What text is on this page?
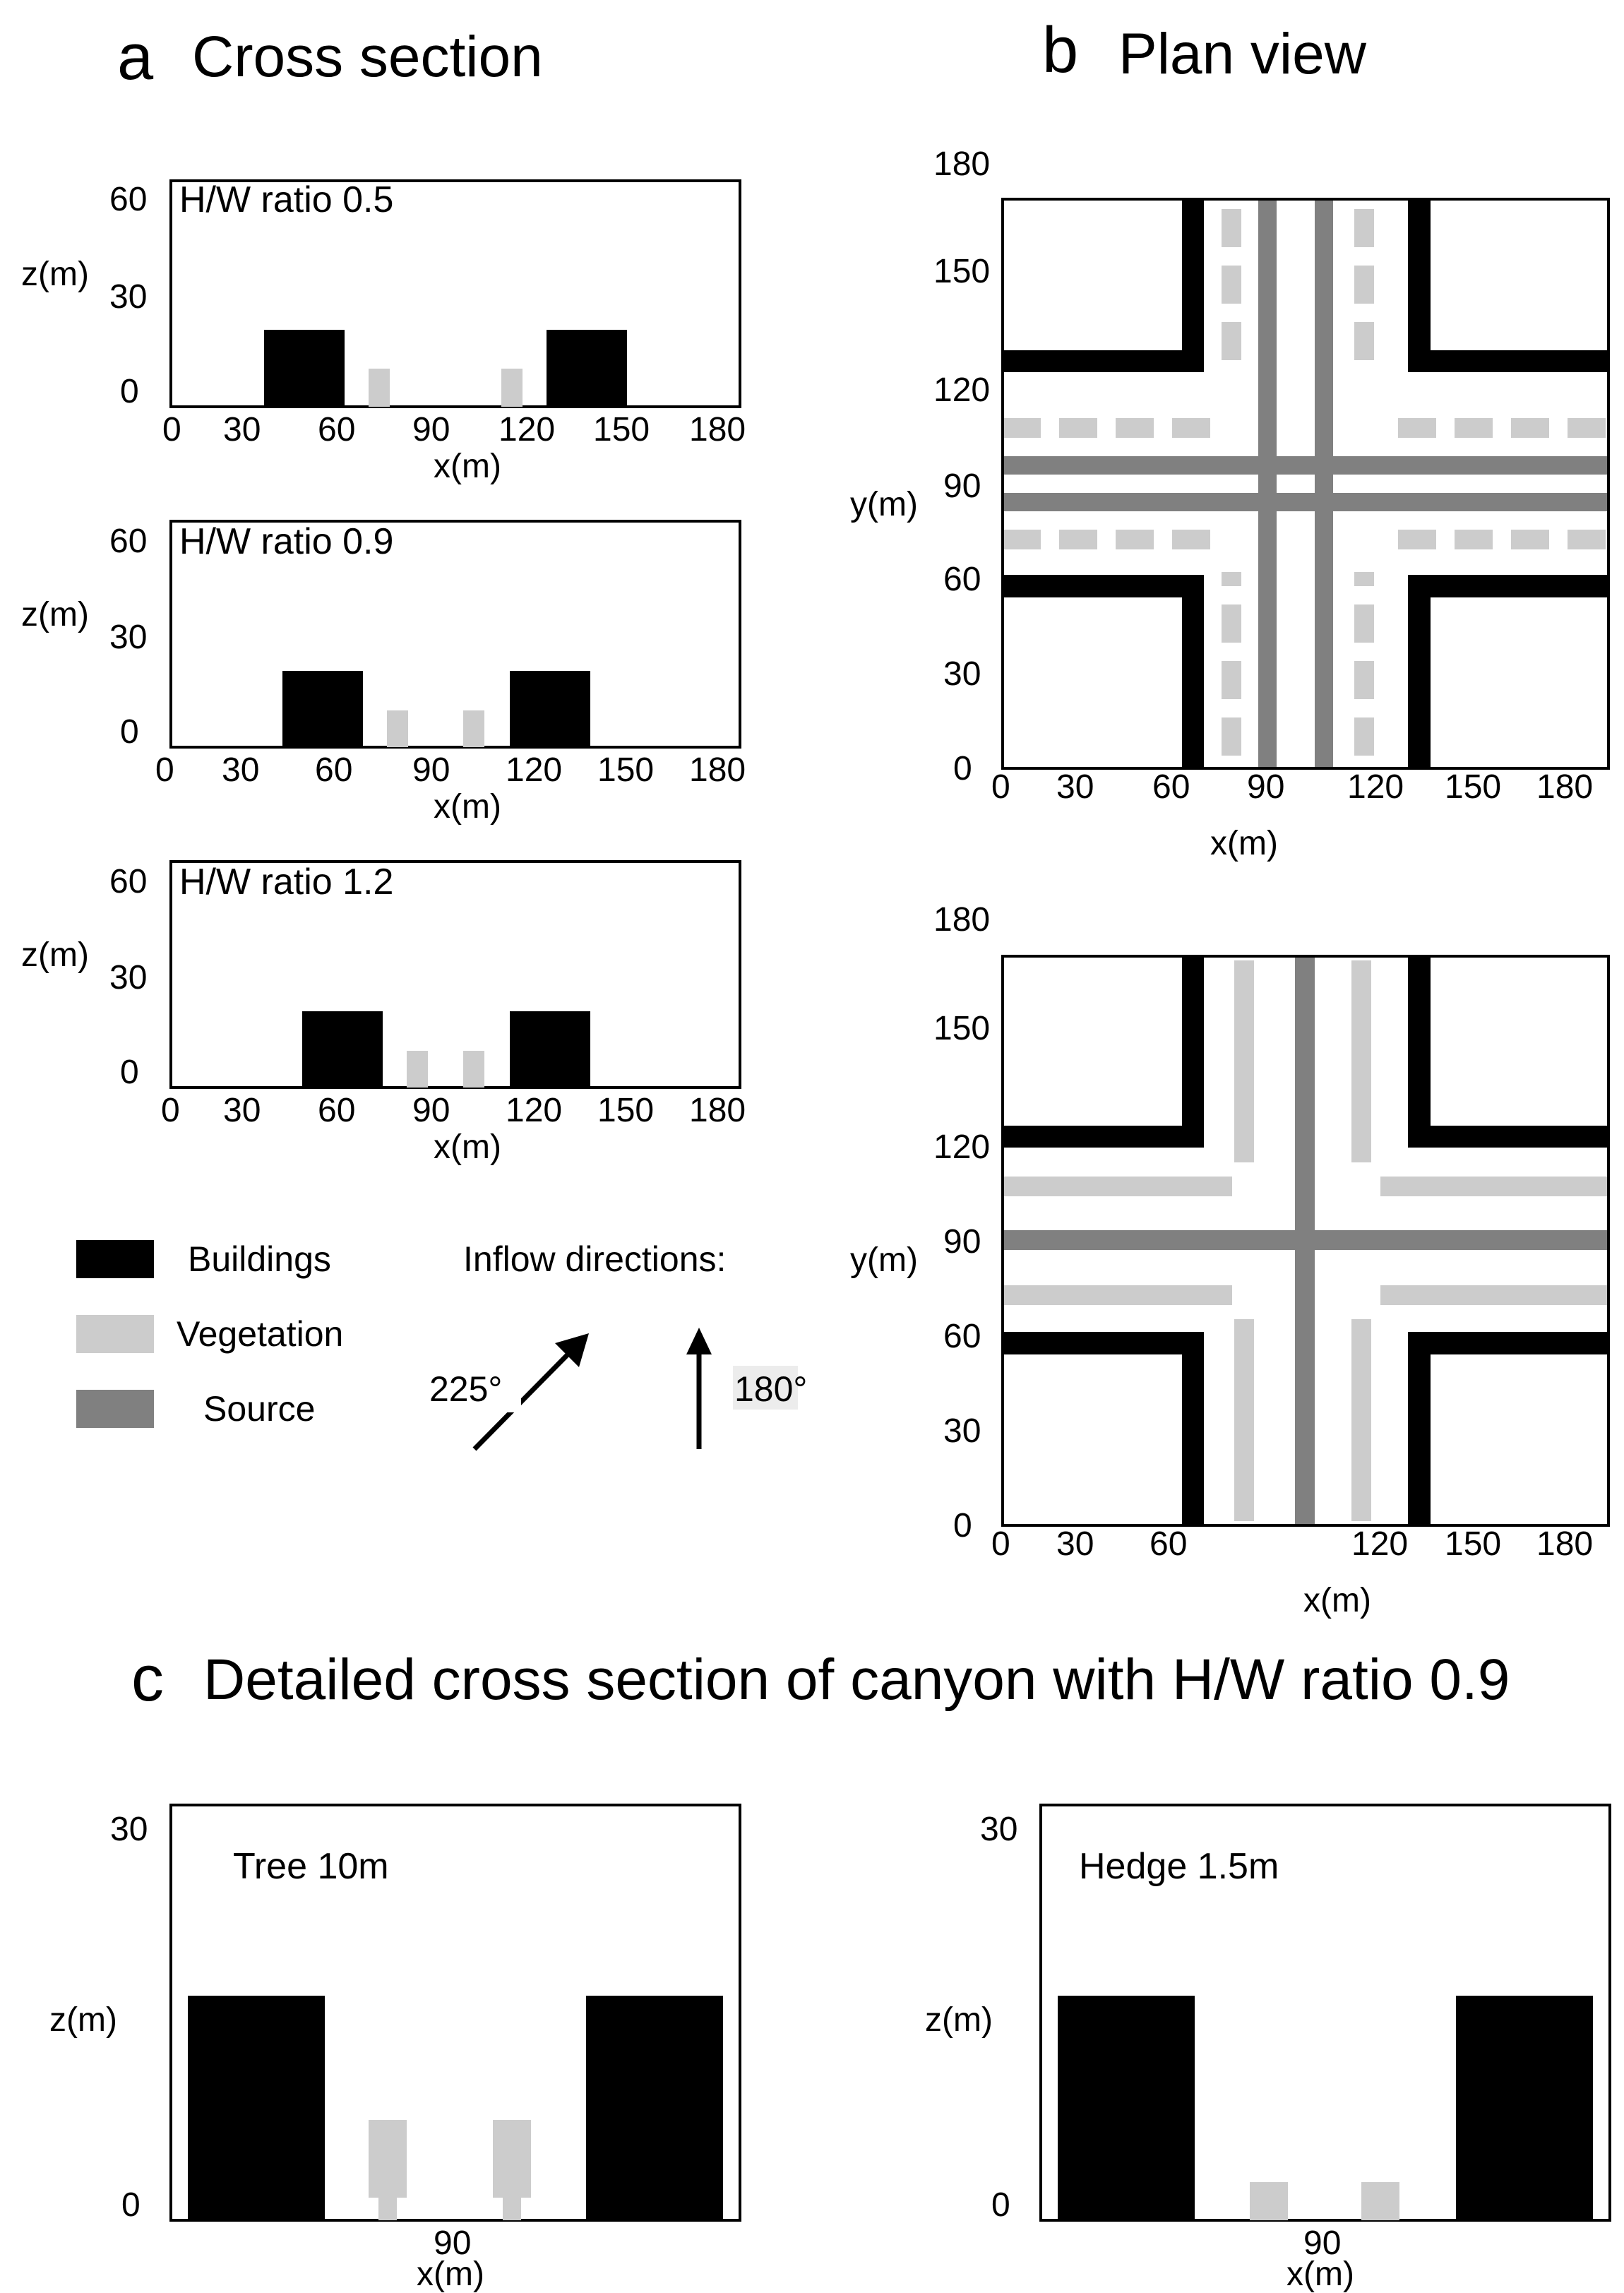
a Cross section
z(m)
60
30
0
H/W ratio 0.5
0 30 60 90 120 150 180
x(m)
z(m)
60
30
0
H/W ratio 0.9
0 30 60 90 120 150 180
x(m)
z(m)
60
30
0
H/W ratio 1.2
0 30 60 90 120 150 180
x(m)
Buildings
Vegetation
Source
Inflow directions:
225°	180°
b Plan view
180
150
120
90
60
30
0
y(m)
0 30 60 90 120 150 180
x(m)
180
150
120
90
60
30
0
y(m)
0 30 60	120 150 180
x(m)
c Detailed cross section of canyon with H/W ratio 0.9
Tree 10m
30
0
z(m)
90
x(m)
Hedge 1.5m
30
0
z(m)
90
x(m)
